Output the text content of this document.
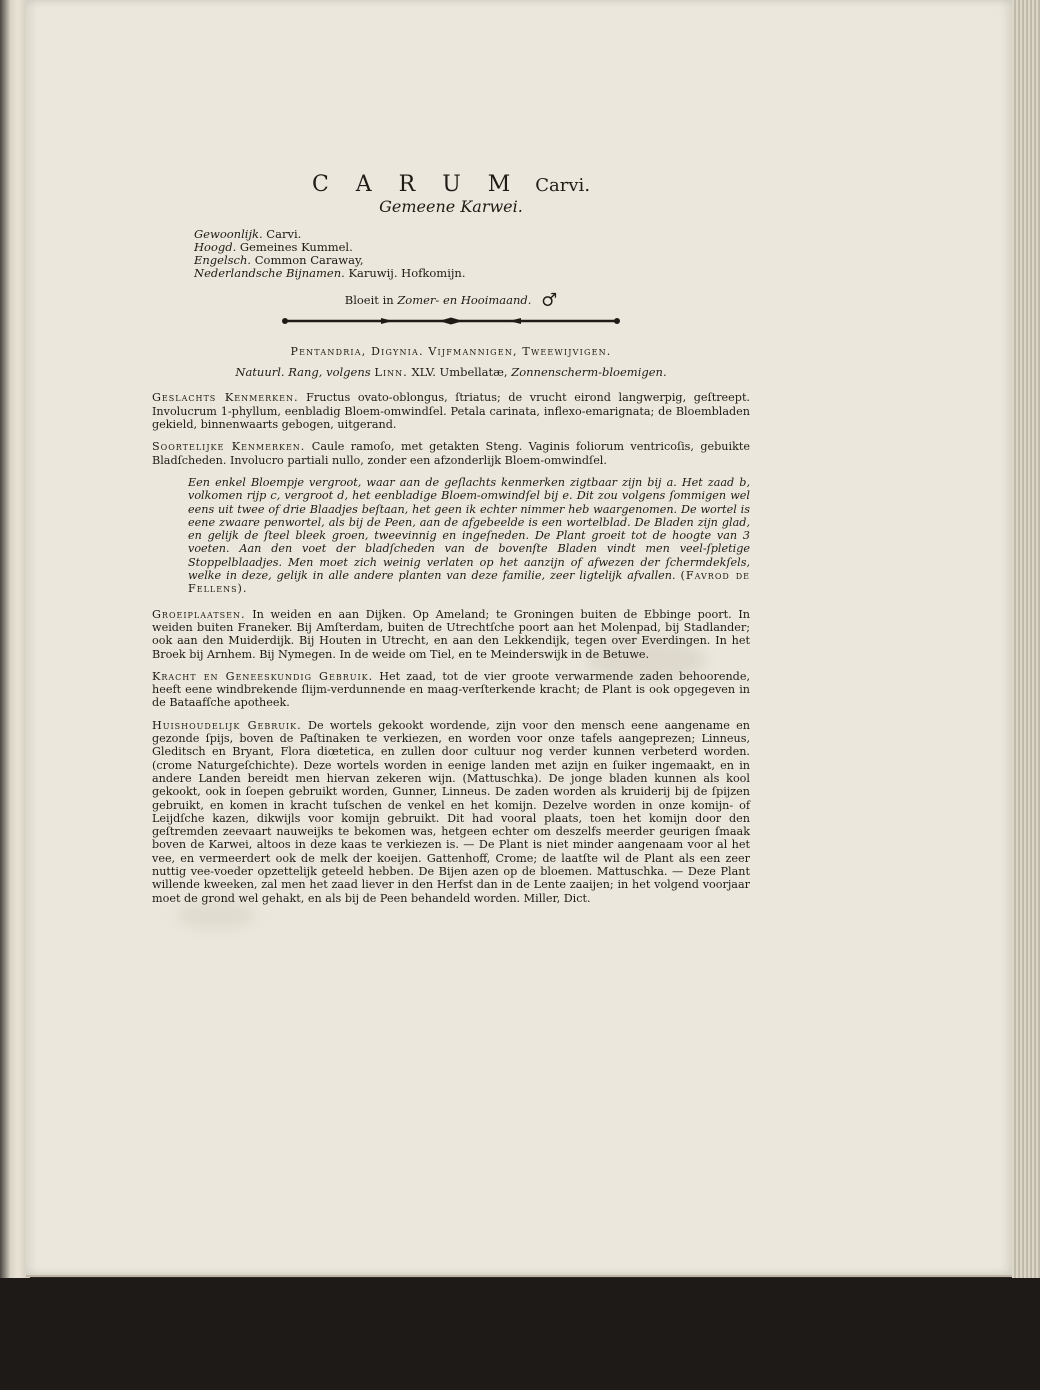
C A R U M Carvi.
Gemeene Karwei.
Gewoonlijk. Carvi.
Hoogd. Gemeines Kummel.
Engelsch. Common Caraway,
Nederlandsche Bijnamen. Karuwij. Hofkomijn.
Bloeit in Zomer- en Hooimaand. ♂
Pentandria, Digynia. Vijfmannigen, Tweewijvigen.
Natuurl. Rang, volgens Linn. XLV. Umbellatæ, Zonnenscherm-bloemigen.

Geslachts Kenmerken. Fructus ovato-oblongus, ſtriatus; de vrucht eirond langwerpig, geſtreept. Involucrum 1-phyllum, eenbladig Bloem-omwindſel. Petala carinata, inflexo-emarignata; de Bloembladen gekield, binnenwaarts gebogen, uitgerand.

Soortelijke Kenmerken. Caule ramoſo, met getakten Steng. Vaginis foliorum ventricoſis, gebuikte Bladſcheden. Involucro partiali nullo, zonder een afzonderlijk Bloem-omwindſel.

Een enkel Bloempje vergroot, waar aan de geſlachts kenmerken zigtbaar zijn bij a. Het zaad b, volkomen rijp c, vergroot d, het eenbladige Bloem-omwindſel bij e. Dit zou volgens ſommigen wel eens uit twee of drie Blaadjes beſtaan, het geen ik echter nimmer heb waargenomen. De wortel is eene zwaare penwortel, als bij de Peen, aan de afgebeelde is een wortelblad. De Bladen zijn glad, en gelijk de ſteel bleek groen, tweevinnig en ingeſneden. De Plant groeit tot de hoogte van 3 voeten. Aan den voet der bladſcheden van de bovenſte Bladen vindt men veel-ſpletige Stoppelblaadjes. Men moet zich weinig verlaten op het aanzijn of afwezen der ſchermdekſels, welke in deze, gelijk in alle andere planten van deze familie, zeer ligtelijk afvallen. (Favrod de Fellens).

Groeiplaatsen. In weiden en aan Dijken. Op Ameland; te Groningen buiten de Ebbinge poort. In weiden buiten Franeker. Bij Amſterdam, buiten de Utrechtſche poort aan het Molenpad, bij Stadlander; ook aan den Muiderdijk. Bij Houten in Utrecht, en aan den Lekkendijk, tegen over Everdingen. In het Broek bij Arnhem. Bij Nymegen. In de weide om Tiel, en te Meinderswijk in de Betuwe.

Kracht en Geneeskundig Gebruik. Het zaad, tot de vier groote verwarmende zaden behoorende, heeft eene windbrekende ſlijm-verdunnende en maag-verſterkende kracht; de Plant is ook opgegeven in de Bataafſche apotheek.

Huishoudelijk Gebruik. De wortels gekookt wordende, zijn voor den mensch eene aangename en gezonde ſpijs, boven de Paſtinaken te verkiezen, en worden voor onze tafels aangeprezen; Linneus, Gleditsch en Bryant, Flora diœtetica, en zullen door cultuur nog verder kunnen verbeterd worden. (crome Naturgeſchichte). Deze wortels worden in eenige landen met azijn en ſuiker ingemaakt, en in andere Landen bereidt men hiervan zekeren wijn. (Mattuschka). De jonge bladen kunnen als kool gekookt, ook in ſoepen gebruikt worden, Gunner, Linneus. De zaden worden als kruiderij bij de ſpijzen gebruikt, en komen in kracht tuſschen de venkel en het komijn. Dezelve worden in onze komijn- of Leijdſche kazen, dikwijls voor komijn gebruikt. Dit had vooral plaats, toen het komijn door den geſtremden zeevaart nauweijks te bekomen was, hetgeen echter om deszelfs meerder geurigen ſmaak boven de Karwei, altoos in deze kaas te verkiezen is. — De Plant is niet minder aangenaam voor al het vee, en vermeerdert ook de melk der koeijen. Gattenhoff, Crome; de laatſte wil de Plant als een zeer nuttig vee-voeder opzettelijk geteeld hebben. De Bijen azen op de bloemen. Mattuschka. — Deze Plant willende kweeken, zal men het zaad liever in den Herfst dan in de Lente zaaijen; in het volgend voorjaar moet de grond wel gehakt, en als bij de Peen behandeld worden. Miller, Dict.
